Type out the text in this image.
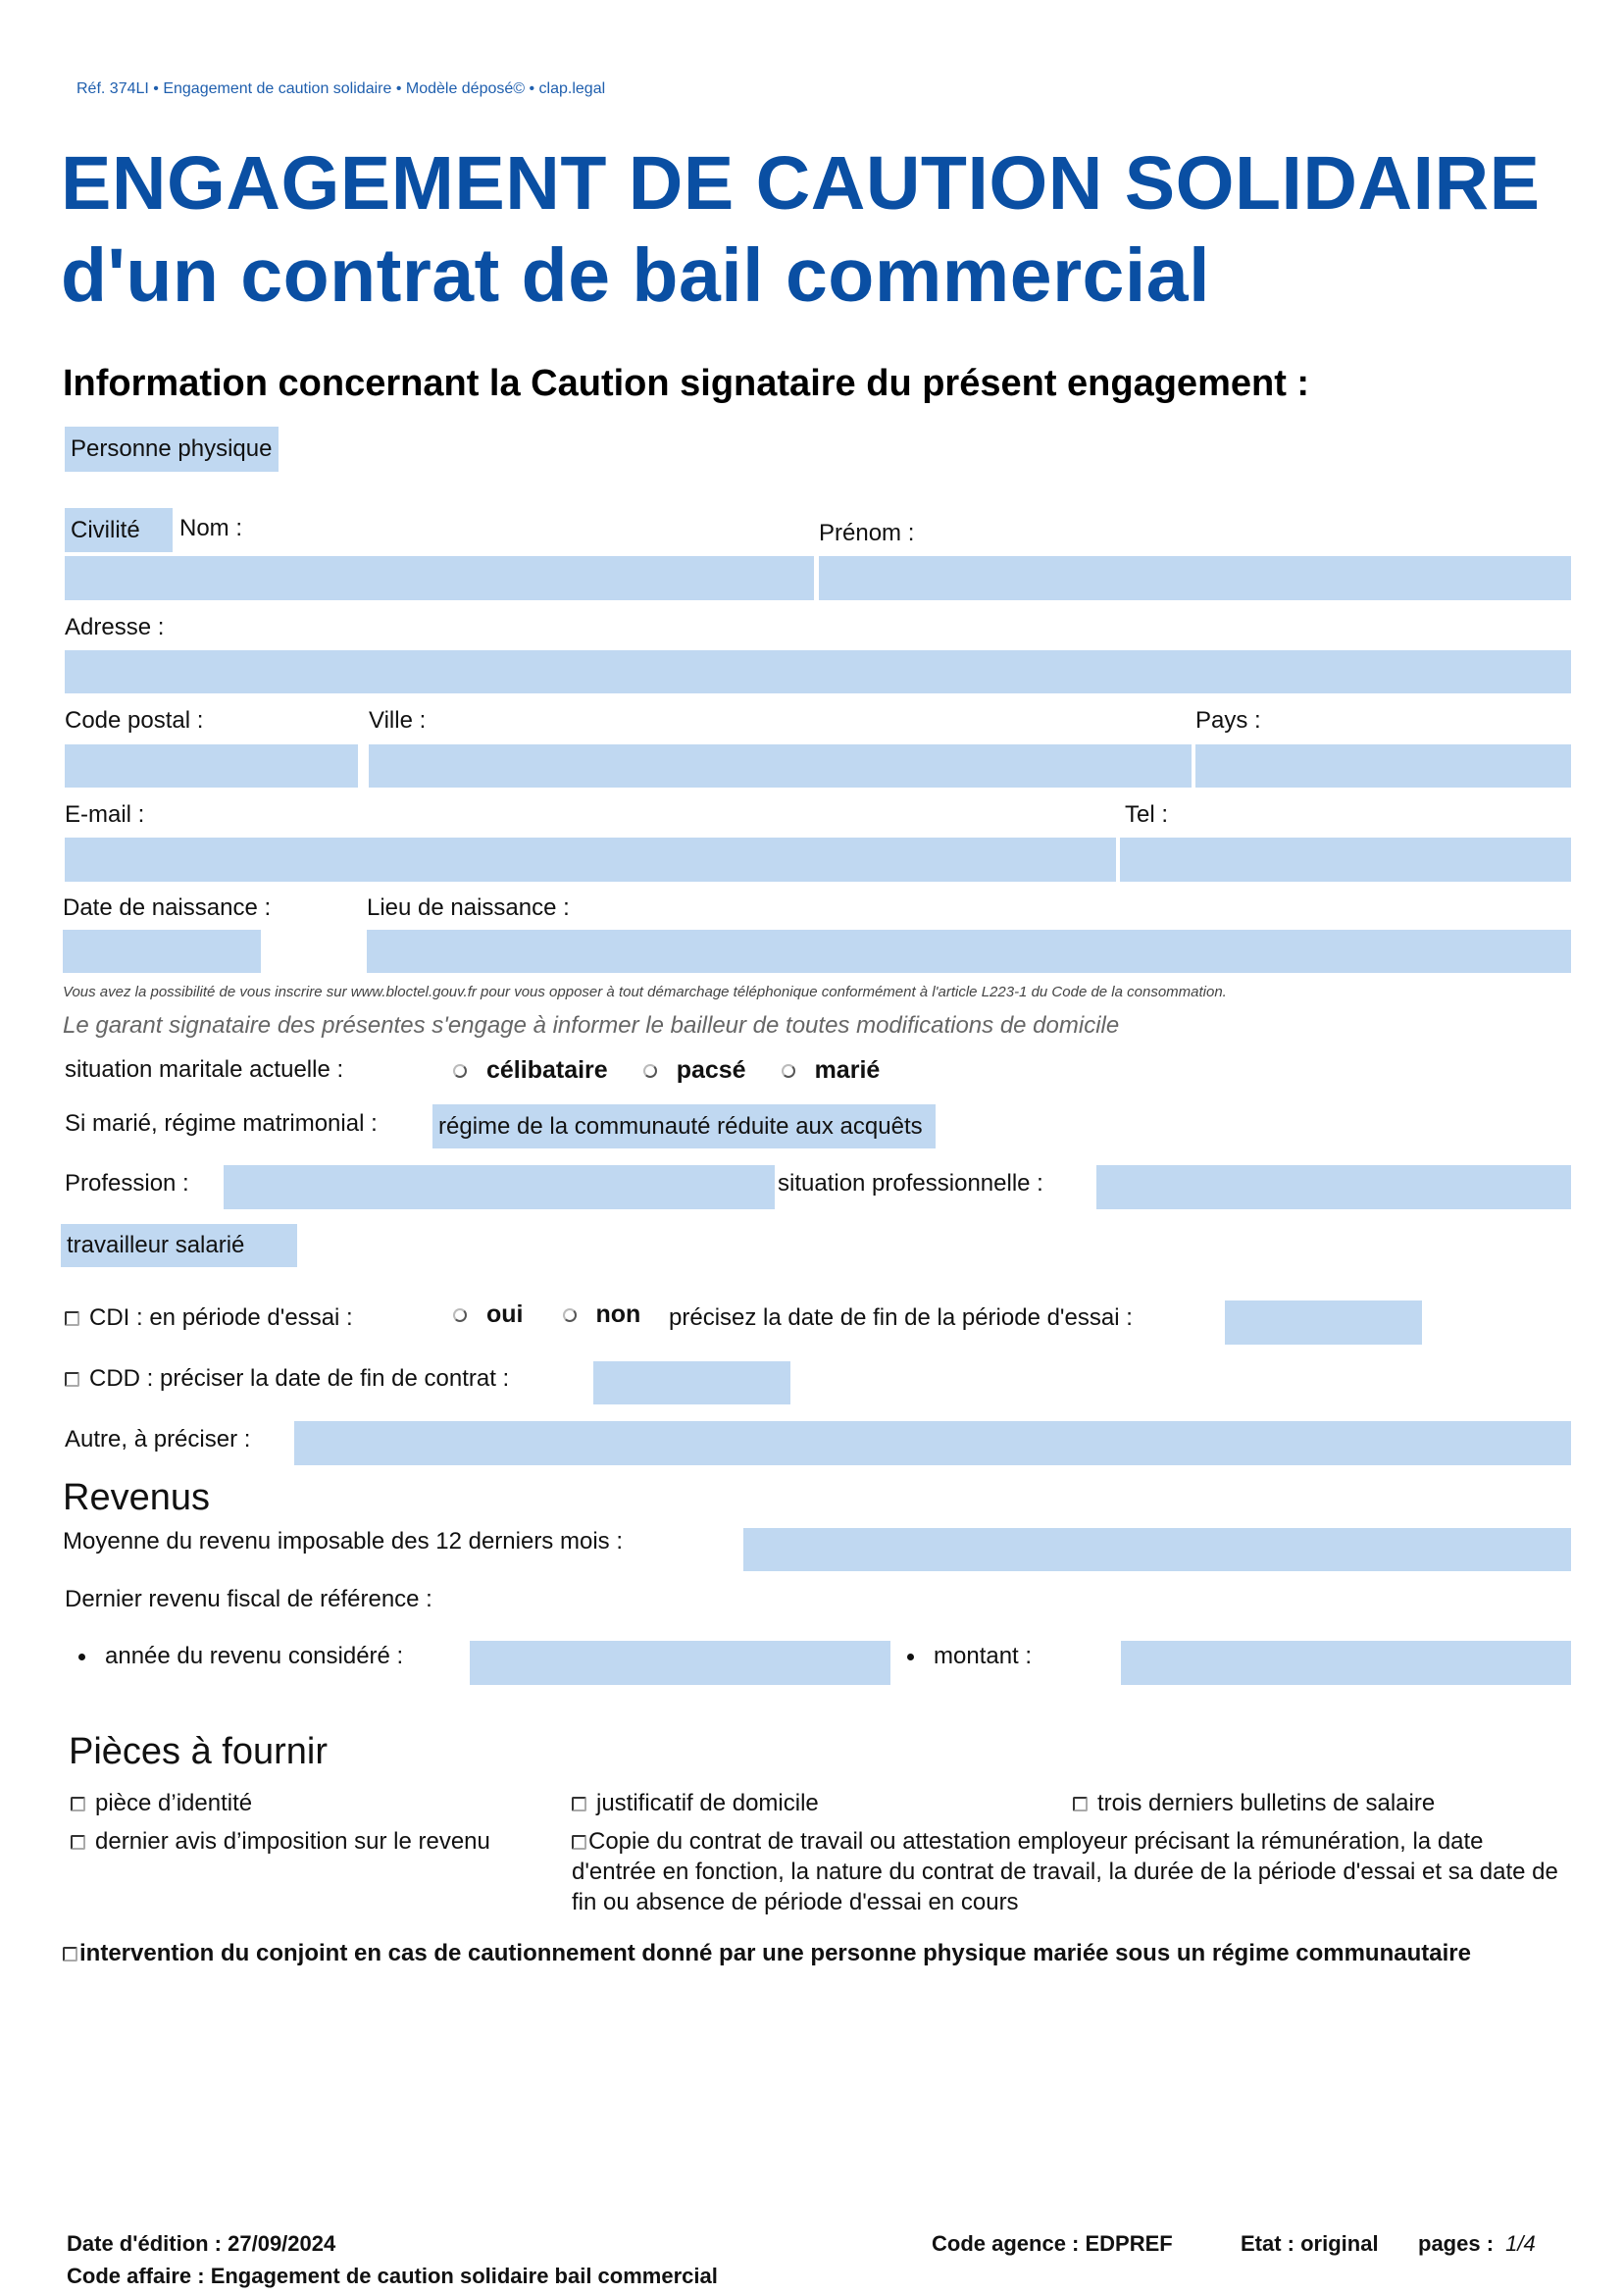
Réf. 374LI • Engagement de caution solidaire • Modèle déposé© • clap.legal
ENGAGEMENT DE CAUTION SOLIDAIRE
d'un contrat de bail commercial
Information concernant la Caution signataire du présent engagement :
Personne physique
Civilité	Nom :	Prénom :
Adresse :
Code postal :	Ville :	Pays :
E-mail :	Tel :
Date de naissance :	Lieu de naissance :
Vous avez la possibilité de vous inscrire sur www.bloctel.gouv.fr pour vous opposer à tout démarchage téléphonique conformément à l'article L223-1 du Code de la consommation.
Le garant signataire des présentes s'engage à informer le bailleur de toutes modifications de domicile
situation maritale actuelle :	célibataire	pacsé	marié
Si marié, régime matrimonial :	régime de la communauté réduite aux acquêts
Profession :	situation professionnelle :
travailleur salarié
CDI : en période d'essai :	oui	non précisez la date de fin de la période d'essai :
CDD : préciser la date de fin de contrat :
Autre, à préciser :
Revenus
Moyenne du revenu imposable des 12 derniers mois :
Dernier revenu fiscal de référence :
année du revenu considéré :	montant :
Pièces à fournir
pièce d’identité	justificatif de domicile	trois derniers bulletins de salaire
dernier avis d’imposition sur le revenu	Copie du contrat de travail ou attestation employeur précisant la rémunération, la date d'entrée en fonction, la nature du contrat de travail, la durée de la période d'essai et sa date de fin ou absence de période d'essai en cours
intervention du conjoint en cas de cautionnement donné par une personne physique mariée sous un régime communautaire
Date d'édition : 27/09/2024
Code affaire : Engagement de caution solidaire bail commercial
Code agence : EDPREF	Etat : original pages : 1/4
